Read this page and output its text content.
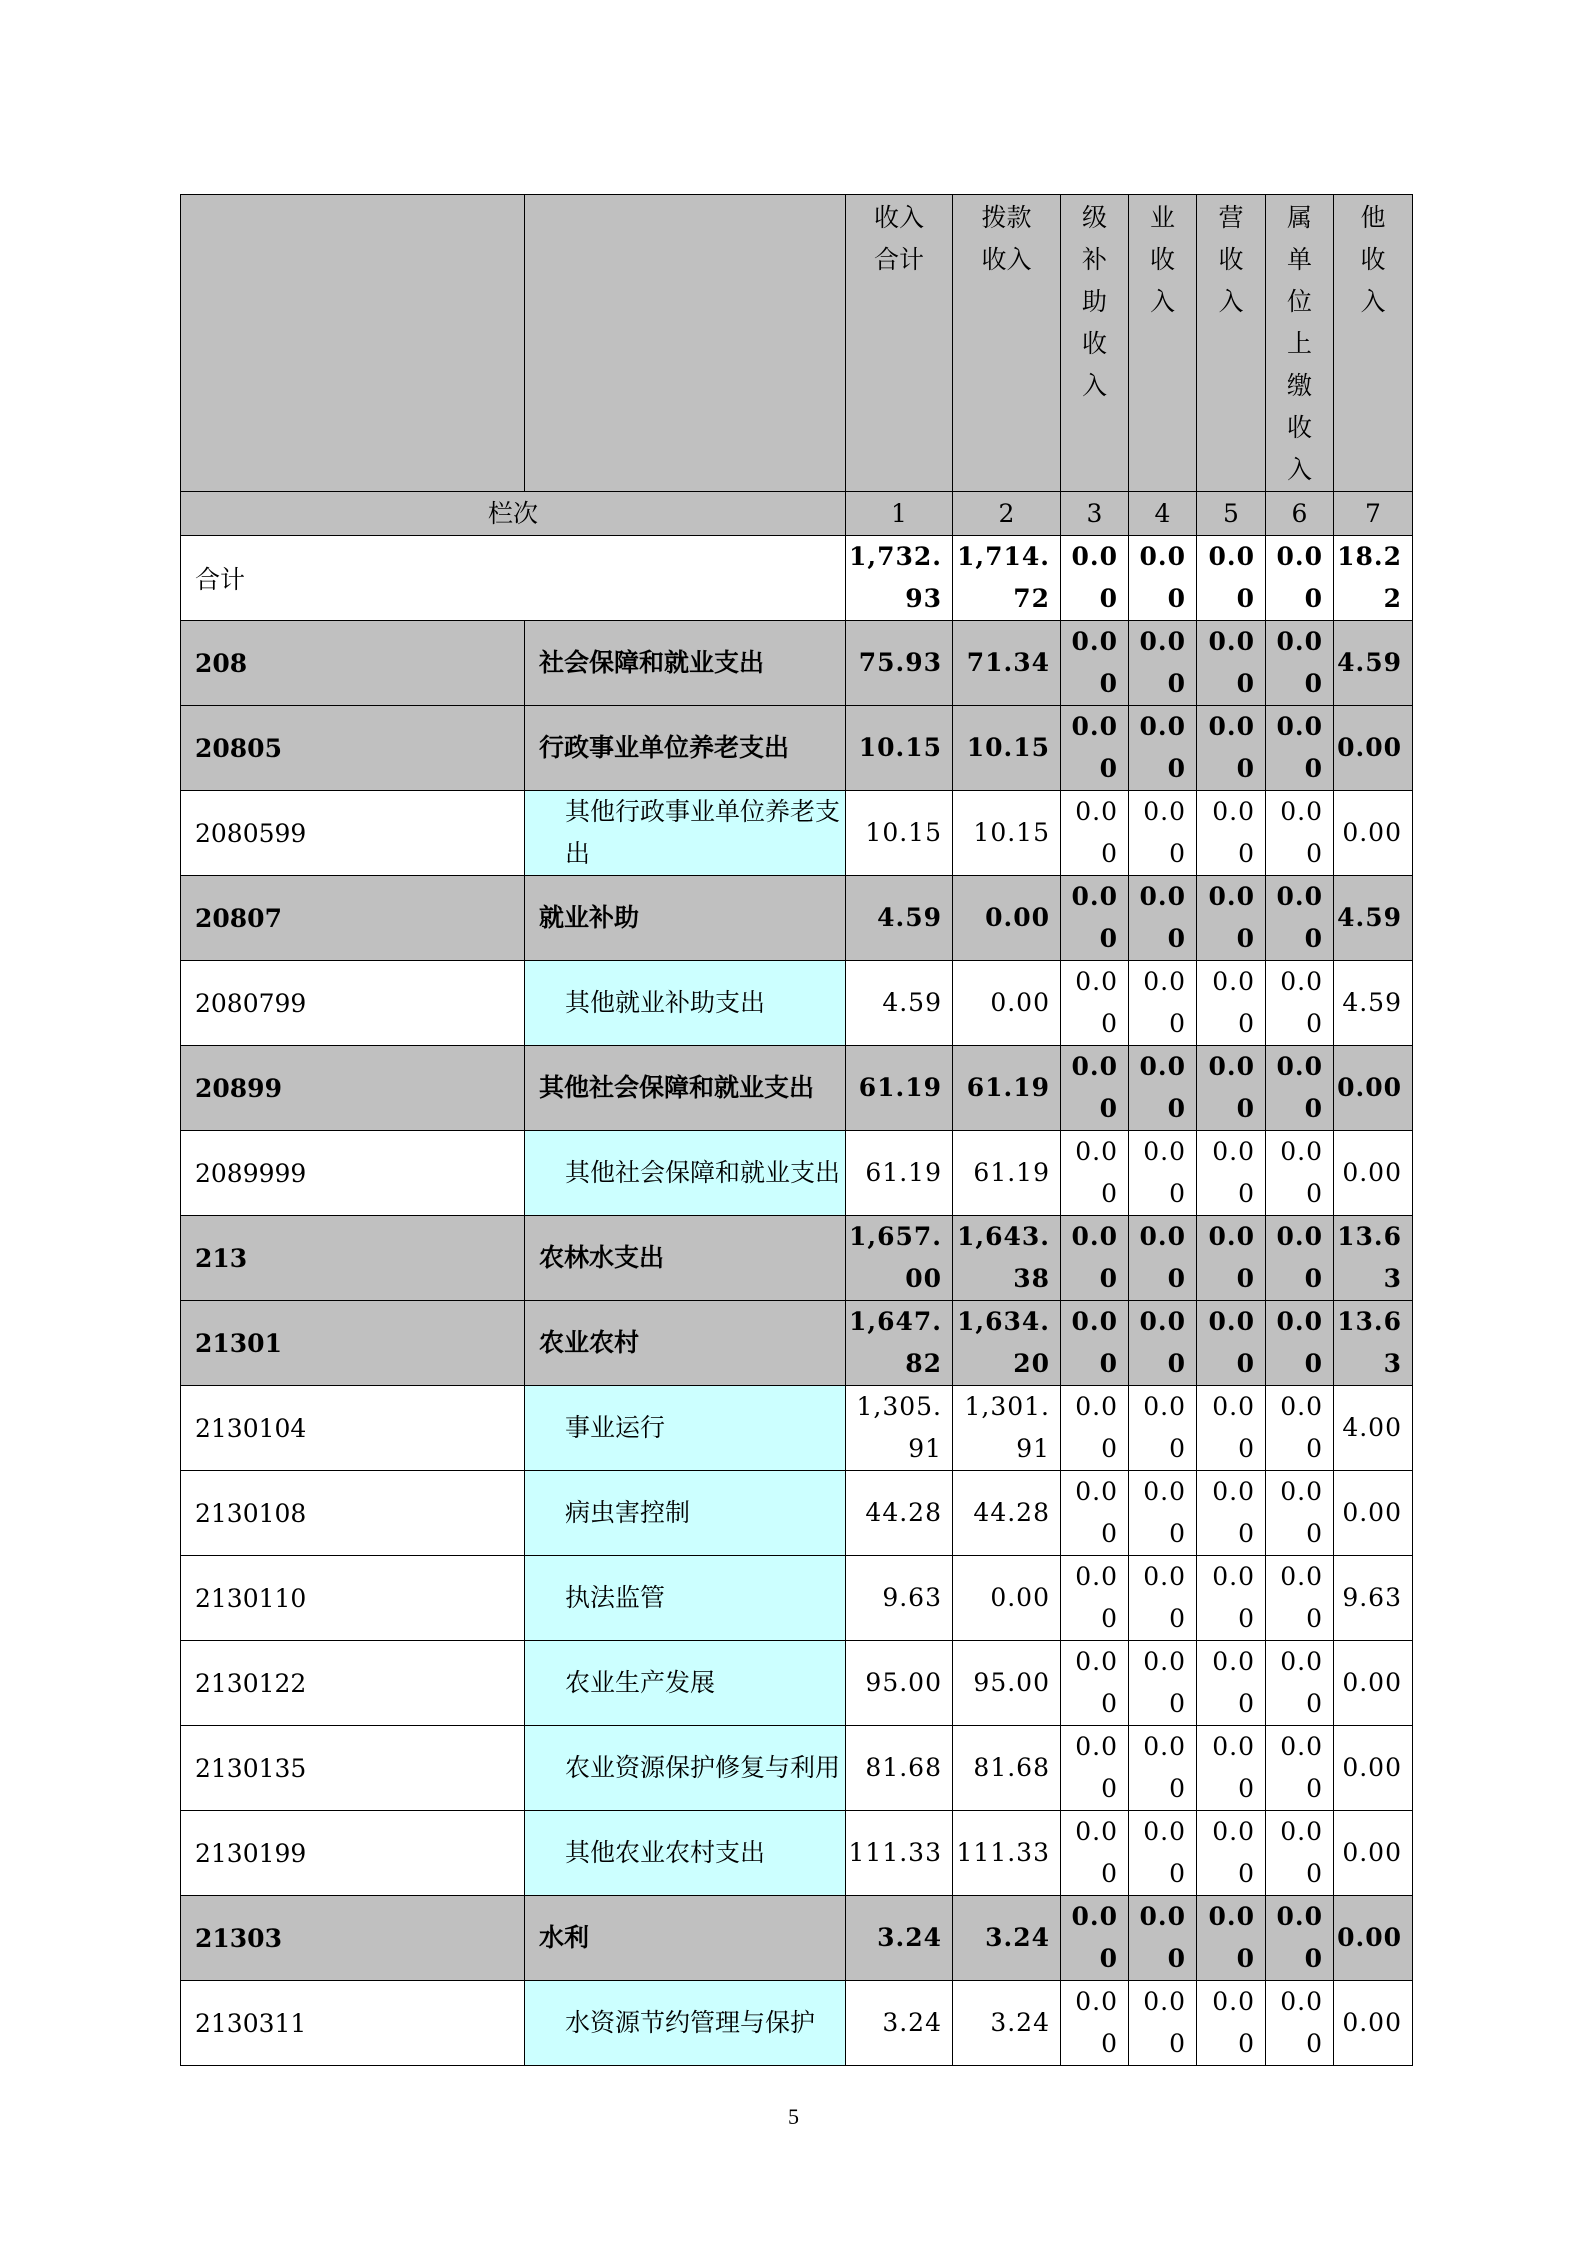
		收入合计	拨款收入	级补助收入	业收入	营收入	属单位上缴收入	他收入
栏次		1	2	3	4	5	6	7
合计		1,732.93	1,714.72	0.00	0.00	0.00	0.00	18.22
208	社会保障和就业支出	75.93	71.34	0.00	0.00	0.00	0.00	4.59
20805	行政事业单位养老支出	10.15	10.15	0.00	0.00	0.00	0.00	0.00
2080599	其他行政事业单位养老支出	10.15	10.15	0.00	0.00	0.00	0.00	0.00
20807	就业补助	4.59	0.00	0.00	0.00	0.00	0.00	4.59
2080799	其他就业补助支出	4.59	0.00	0.00	0.00	0.00	0.00	4.59
20899	其他社会保障和就业支出	61.19	61.19	0.00	0.00	0.00	0.00	0.00
2089999	其他社会保障和就业支出	61.19	61.19	0.00	0.00	0.00	0.00	0.00
213	农林水支出	1,657.00	1,643.38	0.00	0.00	0.00	0.00	13.63
21301	农业农村	1,647.82	1,634.20	0.00	0.00	0.00	0.00	13.63
2130104	事业运行	1,305.91	1,301.91	0.00	0.00	0.00	0.00	4.00
2130108	病虫害控制	44.28	44.28	0.00	0.00	0.00	0.00	0.00
2130110	执法监管	9.63	0.00	0.00	0.00	0.00	0.00	9.63
2130122	农业生产发展	95.00	95.00	0.00	0.00	0.00	0.00	0.00
2130135	农业资源保护修复与利用	81.68	81.68	0.00	0.00	0.00	0.00	0.00
2130199	其他农业农村支出	111.33	111.33	0.00	0.00	0.00	0.00	0.00
21303	水利	3.24	3.24	0.00	0.00	0.00	0.00	0.00
2130311	水资源节约管理与保护	3.24	3.24	0.00	0.00	0.00	0.00	0.00
5
